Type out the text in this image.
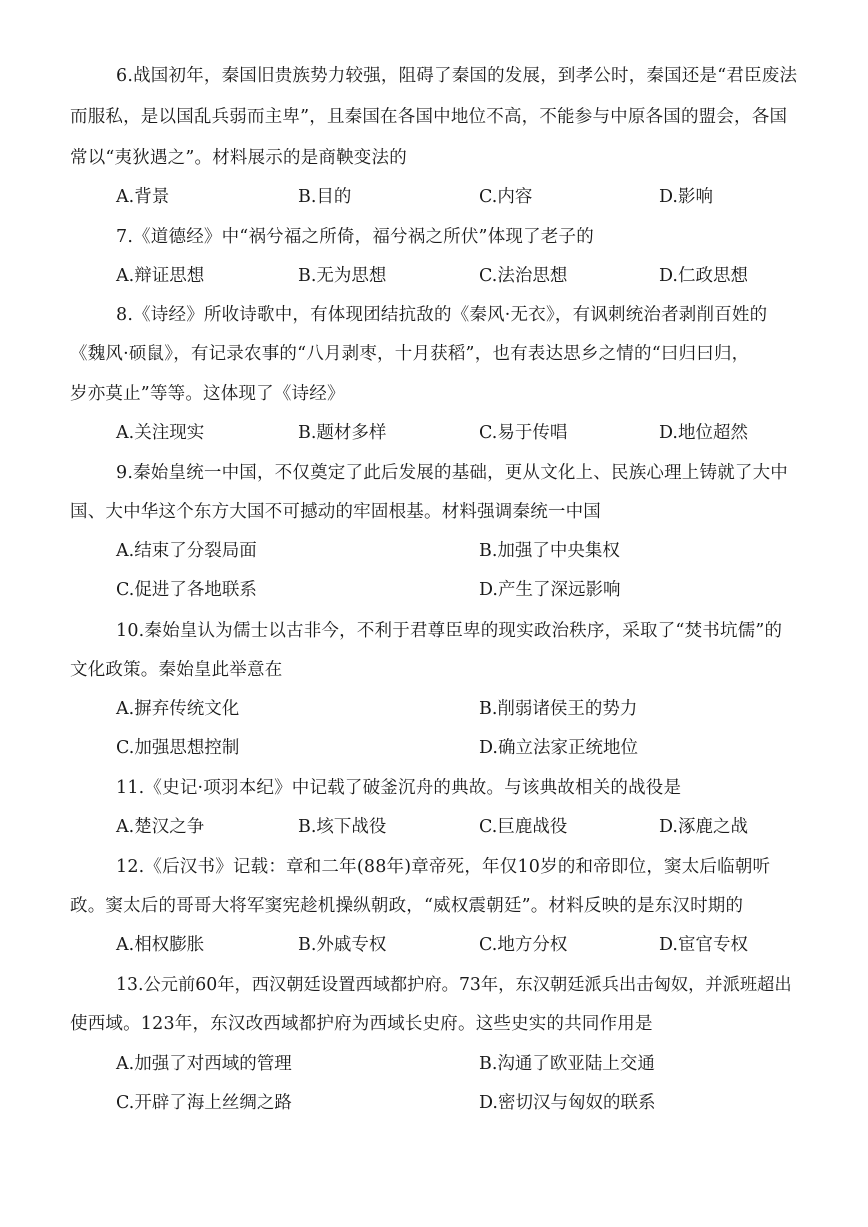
6.战国初年，秦国旧贵族势力较强，阻碍了秦国的发展，到孝公时，秦国还是“君臣废法
而服私，是以国乱兵弱而主卑”，且秦国在各国中地位不高，不能参与中原各国的盟会，各国
常以“夷狄遇之”。材料展示的是商鞅变法的
A.背景	B.目的	C.内容	D.影响
7.《道德经》中“祸兮福之所倚，福兮祸之所伏”体现了老子的
A.辩证思想	B.无为思想	C.法治思想	D.仁政思想
8.《诗经》所收诗歌中，有体现团结抗敌的《秦风·无衣》，有讽刺统治者剥削百姓的
《魏风·硕鼠》，有记录农事的“八月剥枣，十月获稻”，也有表达思乡之情的“曰归曰归，
岁亦莫止”等等。这体现了《诗经》
A.关注现实	B.题材多样	C.易于传唱	D.地位超然
9.秦始皇统一中国，不仅奠定了此后发展的基础，更从文化上、民族心理上铸就了大中
国、大中华这个东方大国不可撼动的牢固根基。材料强调秦统一中国
A.结束了分裂局面	B.加强了中央集权
C.促进了各地联系	D.产生了深远影响
10.秦始皇认为儒士以古非今，不利于君尊臣卑的现实政治秩序，采取了“焚书坑儒”的
文化政策。秦始皇此举意在
A.摒弃传统文化	B.削弱诸侯王的势力
C.加强思想控制	D.确立法家正统地位
11.《史记·项羽本纪》中记载了破釜沉舟的典故。与该典故相关的战役是
A.楚汉之争	B.垓下战役	C.巨鹿战役	D.涿鹿之战
12.《后汉书》记载：章和二年(88年)章帝死，年仅10岁的和帝即位，窦太后临朝听
政。窦太后的哥哥大将军窦宪趁机操纵朝政，“威权震朝廷”。材料反映的是东汉时期的
A.相权膨胀	B.外戚专权	C.地方分权	D.宦官专权
13.公元前60年，西汉朝廷设置西域都护府。73年，东汉朝廷派兵出击匈奴，并派班超出
使西域。123年，东汉改西域都护府为西域长史府。这些史实的共同作用是
A.加强了对西域的管理	B.沟通了欧亚陆上交通
C.开辟了海上丝绸之路	D.密切汉与匈奴的联系
